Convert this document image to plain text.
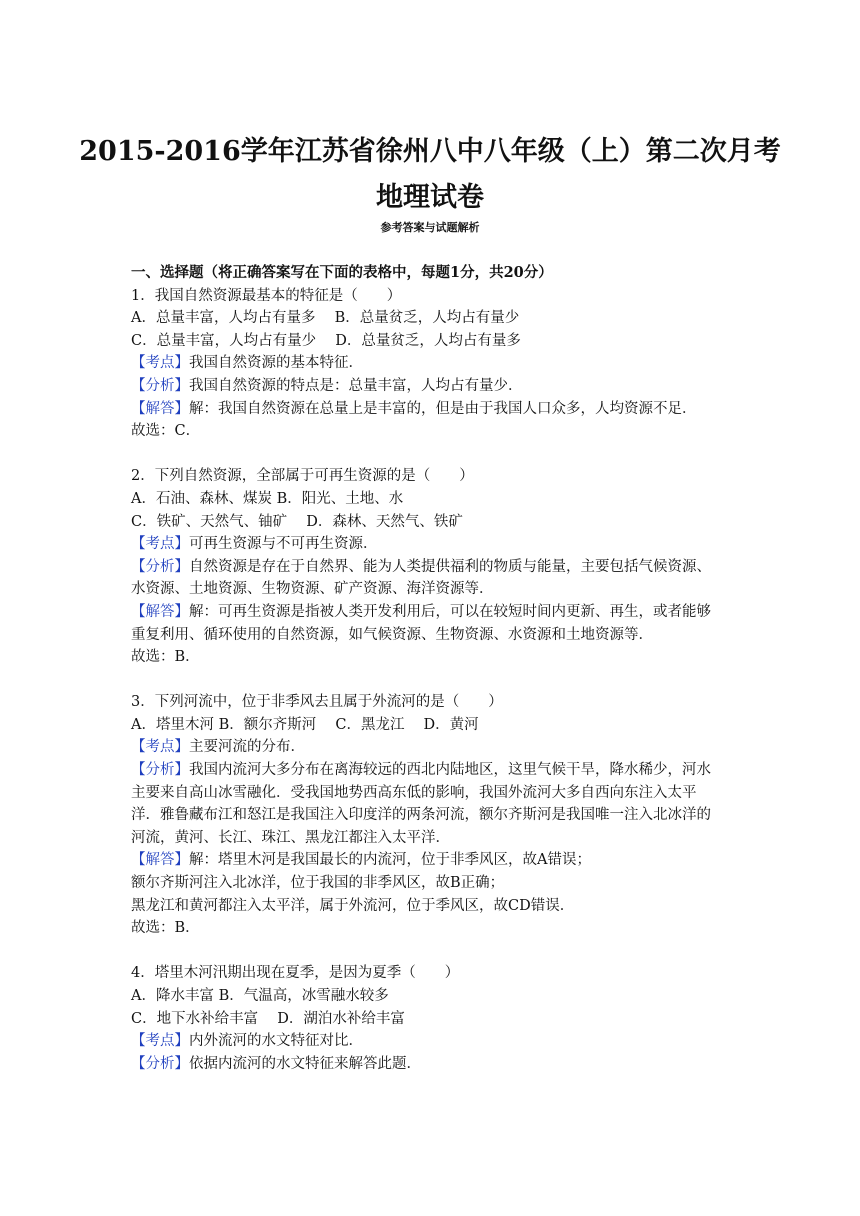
2015-2016学年江苏省徐州八中八年级（上）第二次月考
地理试卷
参考答案与试题解析
一、选择题（将正确答案写在下面的表格中，每题1分，共20分）
1．我国自然资源最基本的特征是（　　）
A．总量丰富，人均占有量多　 B．总量贫乏，人均占有量少
C．总量丰富，人均占有量少　 D．总量贫乏，人均占有量多
【考点】我国自然资源的基本特征．
【分析】我国自然资源的特点是：总量丰富，人均占有量少．
【解答】解：我国自然资源在总量上是丰富的，但是由于我国人口众多，人均资源不足．
故选：C．
2．下列自然资源，全部属于可再生资源的是（　　）
A．石油、森林、煤炭 B．阳光、土地、水
C．铁矿、天然气、铀矿　 D．森林、天然气、铁矿
【考点】可再生资源与不可再生资源．
【分析】自然资源是存在于自然界、能为人类提供福利的物质与能量，主要包括气候资源、
水资源、土地资源、生物资源、矿产资源、海洋资源等．
【解答】解：可再生资源是指被人类开发利用后，可以在较短时间内更新、再生，或者能够
重复利用、循环使用的自然资源，如气候资源、生物资源、水资源和土地资源等．
故选：B．
3．下列河流中，位于非季风去且属于外流河的是（　　）
A．塔里木河 B．额尔齐斯河　 C．黑龙江　 D．黄河
【考点】主要河流的分布．
【分析】我国内流河大多分布在离海较远的西北内陆地区，这里气候干旱，降水稀少，河水
主要来自高山冰雪融化．受我国地势西高东低的影响，我国外流河大多自西向东注入太平
洋．雅鲁藏布江和怒江是我国注入印度洋的两条河流，额尔齐斯河是我国唯一注入北冰洋的
河流，黄河、长江、珠江、黑龙江都注入太平洋．
【解答】解：塔里木河是我国最长的内流河，位于非季风区，故A错误；
额尔齐斯河注入北冰洋，位于我国的非季风区，故B正确；
黑龙江和黄河都注入太平洋，属于外流河，位于季风区，故CD错误．
故选：B．
4．塔里木河汛期出现在夏季，是因为夏季（　　）
A．降水丰富 B．气温高，冰雪融水较多
C．地下水补给丰富　 D．湖泊水补给丰富
【考点】内外流河的水文特征对比．
【分析】依据内流河的水文特征来解答此题．
